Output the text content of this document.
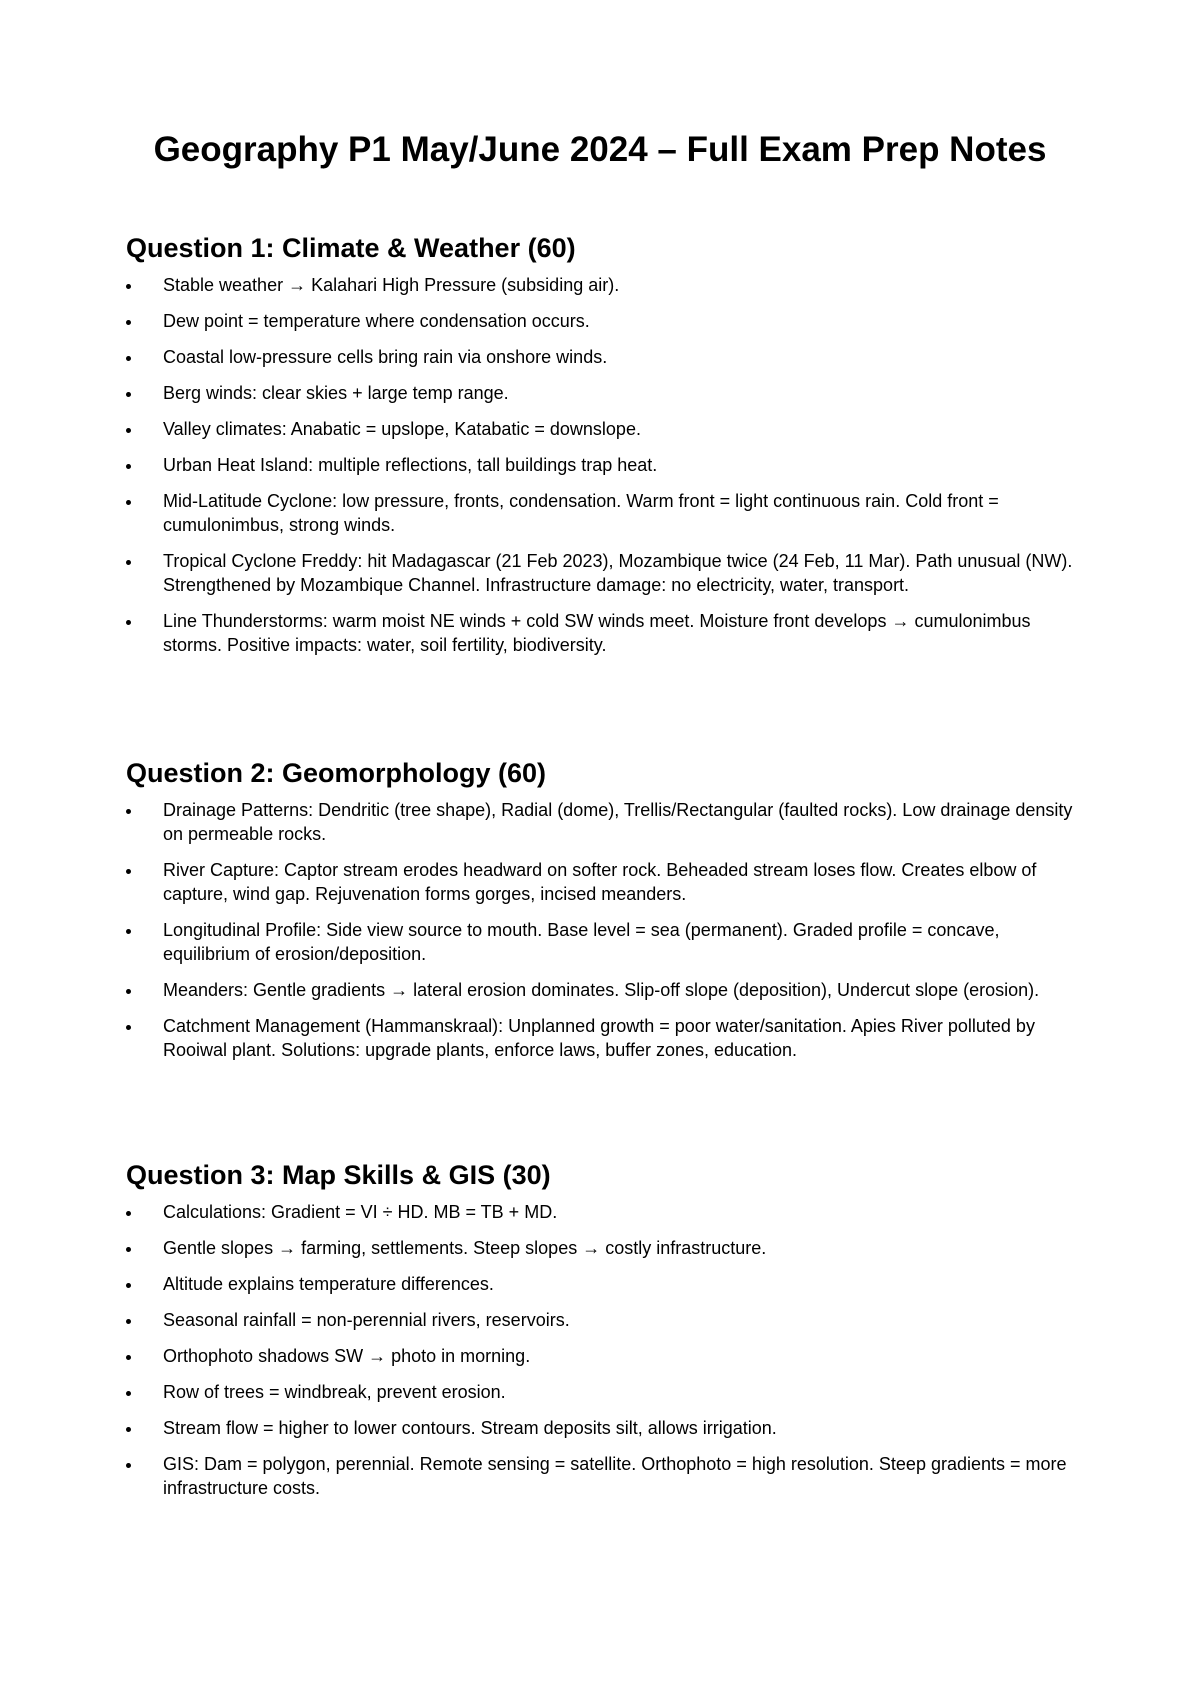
Geography P1 May/June 2024 – Full Exam Prep Notes
Question 1: Climate & Weather (60)
Stable weather → Kalahari High Pressure (subsiding air).
Dew point = temperature where condensation occurs.
Coastal low-pressure cells bring rain via onshore winds.
Berg winds: clear skies + large temp range.
Valley climates: Anabatic = upslope, Katabatic = downslope.
Urban Heat Island: multiple reflections, tall buildings trap heat.
Mid-Latitude Cyclone: low pressure, fronts, condensation. Warm front = light continuous rain. Cold front = cumulonimbus, strong winds.
Tropical Cyclone Freddy: hit Madagascar (21 Feb 2023), Mozambique twice (24 Feb, 11 Mar). Path unusual (NW). Strengthened by Mozambique Channel. Infrastructure damage: no electricity, water, transport.
Line Thunderstorms: warm moist NE winds + cold SW winds meet. Moisture front develops → cumulonimbus storms. Positive impacts: water, soil fertility, biodiversity.
Question 2: Geomorphology (60)
Drainage Patterns: Dendritic (tree shape), Radial (dome), Trellis/Rectangular (faulted rocks). Low drainage density on permeable rocks.
River Capture: Captor stream erodes headward on softer rock. Beheaded stream loses flow. Creates elbow of capture, wind gap. Rejuvenation forms gorges, incised meanders.
Longitudinal Profile: Side view source to mouth. Base level = sea (permanent). Graded profile = concave, equilibrium of erosion/deposition.
Meanders: Gentle gradients → lateral erosion dominates. Slip-off slope (deposition), Undercut slope (erosion).
Catchment Management (Hammanskraal): Unplanned growth = poor water/sanitation. Apies River polluted by Rooiwal plant. Solutions: upgrade plants, enforce laws, buffer zones, education.
Question 3: Map Skills & GIS (30)
Calculations: Gradient = VI ÷ HD. MB = TB + MD.
Gentle slopes → farming, settlements. Steep slopes → costly infrastructure.
Altitude explains temperature differences.
Seasonal rainfall = non-perennial rivers, reservoirs.
Orthophoto shadows SW → photo in morning.
Row of trees = windbreak, prevent erosion.
Stream flow = higher to lower contours. Stream deposits silt, allows irrigation.
GIS: Dam = polygon, perennial. Remote sensing = satellite. Orthophoto = high resolution. Steep gradients = more infrastructure costs.
